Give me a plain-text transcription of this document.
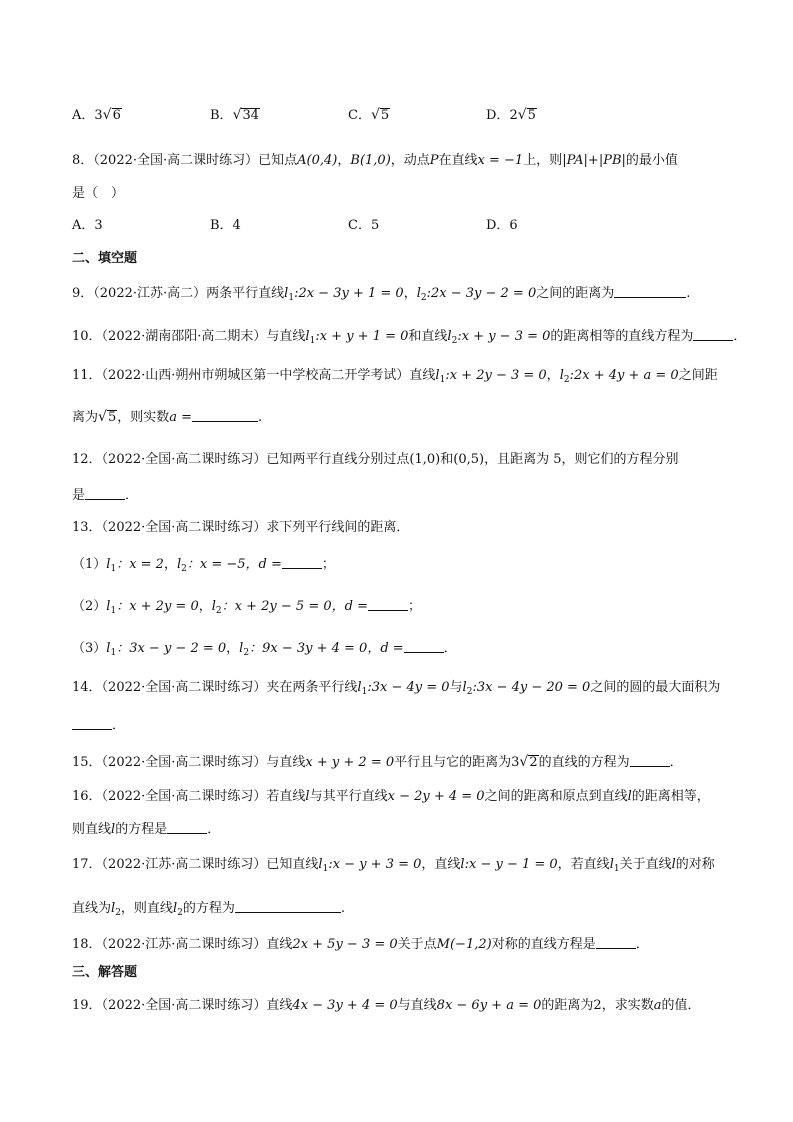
A．3√6	B．√34	C．√5	D．2√5
8．（2022·全国·高二课时练习）已知点A(0,4)，B(1,0)，动点P在直线x = −1上，则|PA|+|PB|的最小值
是（　）
A．3	B．4	C．5	D．6
二、填空题
9．（2022·江苏·高二）两条平行直线$l_1:2x - 3y + 1 = 0$，$l_2:2x - 3y - 2 = 0$之间的距离为	.
10．（2022·湖南邵阳·高二期末）与直线$l_1:x + y + 1 = 0$和直线$l_2:x + y - 3 = 0$的距离相等的直线方程为	．
11．（2022·山西·朔州市朔城区第一中学校高二开学考试）直线$l_1:x + 2y - 3 = 0$，$l_2:2x + 4y + a = 0$之间距
离为√5，则实数a =	.
12．（2022·全国·高二课时练习）已知两平行直线分别过点(1,0)和(0,5)，且距离为 5，则它们的方程分别
是	．
13．（2022·全国·高二课时练习）求下列平行线间的距离．
$(1)l_1$：x = 2，$l_2$：x = −5，d =	；
$(2)l_1$：x + 2y = 0，$l_2$：x + 2y − 5 = 0，d =	；
$(3)l_1$：3x − y − 2 = 0，$l_2$：9x − 3y + 4 = 0，d =	．
14．（2022·全国·高二课时练习）夹在两条平行线$l_1:3x - 4y = 0$与$l_2:3x - 4y - 20 = 0$之间的圆的最大面积为
．
15．（2022·全国·高二课时练习）与直线x + y + 2 = 0平行且与它的距离为3√2的直线的方程为	．
16．（2022·全国·高二课时练习）若直线l与其平行直线x − 2y + 4 = 0之间的距离和原点到直线l的距离相等，
则直线l的方程是	．
17．（2022·江苏·高二课时练习）已知直线$l_1:x - y + 3 = 0$，直线l:x − y − 1 = 0，若直线$l_1$关于直线l的对称
直线为$l_2$，则直线$l_2$的方程为	.
18．（2022·江苏·高二课时练习）直线2x + 5y − 3 = 0关于点M(−1,2)对称的直线方程是	．
三、解答题
19．（2022·全国·高二课时练习）直线4x − 3y + 4 = 0与直线8x − 6y + a = 0的距离为2，求实数a的值．
